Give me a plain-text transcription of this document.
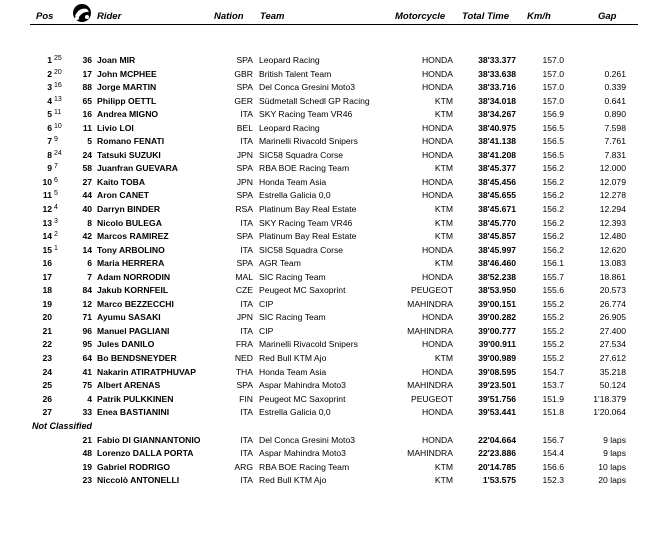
Pos	Rider	Nation Team	Motorcycle Total Time Km/h	Gap
1 25	36 Joan MIR	SPA Leopard Racing	HONDA	38'33.377	157.0
2 20	17 John MCPHEE	GBR British Talent Team	HONDA	38'33.638	157.0	0.261
3 16	88 Jorge MARTIN	SPA Del Conca Gresini Moto3	HONDA	38'33.716	157.0	0.339
4 13	65 Philipp OETTL	GER Südmetall Schedl GP Racing	KTM	38'34.018	157.0	0.641
5 11	16 Andrea MIGNO	ITA SKY Racing Team VR46	KTM	38'34.267	156.9	0.890
6 10	11 Livio LOI	BEL Leopard Racing	HONDA	38'40.975	156.5	7.598
7 9	5 Romano FENATI	ITA Marinelli Rivacold Snipers	HONDA	38'41.138	156.5	7.761
8 24	24 Tatsuki SUZUKI	JPN SIC58 Squadra Corse	HONDA	38'41.208	156.5	7.831
9 7	58 Juanfran GUEVARA	SPA RBA BOE Racing Team	KTM	38'45.377	156.2	12.000
10 6	27 Kaito TOBA	JPN Honda Team Asia	HONDA	38'45.456	156.2	12.079
11 5	44 Aron CANET	SPA Estrella Galicia 0,0	HONDA	38'45.655	156.2	12.278
12 4	40 Darryn BINDER	RSA Platinum Bay Real Estate	KTM	38'45.671	156.2	12.294
13 3	8 Nicolo BULEGA	ITA SKY Racing Team VR46	KTM	38'45.770	156.2	12.393
14 2	42 Marcos RAMIREZ	SPA Platinum Bay Real Estate	KTM	38'45.857	156.2	12.480
15 1	14 Tony ARBOLINO	ITA SIC58 Squadra Corse	HONDA	38'45.997	156.2	12.620
16	6 Maria HERRERA	SPA AGR Team	KTM	38'46.460	156.1	13.083
17	7 Adam NORRODIN	MAL SIC Racing Team	HONDA	38'52.238	155.7	18.861
18	84 Jakub KORNFEIL	CZE Peugeot MC Saxoprint	PEUGEOT	38'53.950	155.6	20.573
19	12 Marco BEZZECCHI	ITA CIP	MAHINDRA	39'00.151	155.2	26.774
20	71 Ayumu SASAKI	JPN SIC Racing Team	HONDA	39'00.282	155.2	26.905
21	96 Manuel PAGLIANI	ITA CIP	MAHINDRA	39'00.777	155.2	27.400
22	95 Jules DANILO	FRA Marinelli Rivacold Snipers	HONDA	39'00.911	155.2	27.534
23	64 Bo BENDSNEYDER	NED Red Bull KTM Ajo	KTM	39'00.989	155.2	27.612
24	41 Nakarin ATIRATPHUVAP	THA Honda Team Asia	HONDA	39'08.595	154.7	35.218
25	75 Albert ARENAS	SPA Aspar Mahindra Moto3	MAHINDRA	39'23.501	153.7	50.124
26	4 Patrik PULKKINEN	FIN Peugeot MC Saxoprint	PEUGEOT	39'51.756	151.9	1'18.379
27	33 Enea BASTIANINI	ITA Estrella Galicia 0,0	HONDA	39'53.441	151.8	1'20.064
Not Classified
21 Fabio DI GIANNANTONIO	ITA Del Conca Gresini Moto3	HONDA	22'04.664	156.7	9 laps
48 Lorenzo DALLA PORTA	ITA Aspar Mahindra Moto3	MAHINDRA	22'23.886	154.4	9 laps
19 Gabriel RODRIGO	ARG RBA BOE Racing Team	KTM	20'14.785	156.6	10 laps
23 Niccolò ANTONELLI	ITA Red Bull KTM Ajo	KTM	1'53.575	152.3	20 laps
